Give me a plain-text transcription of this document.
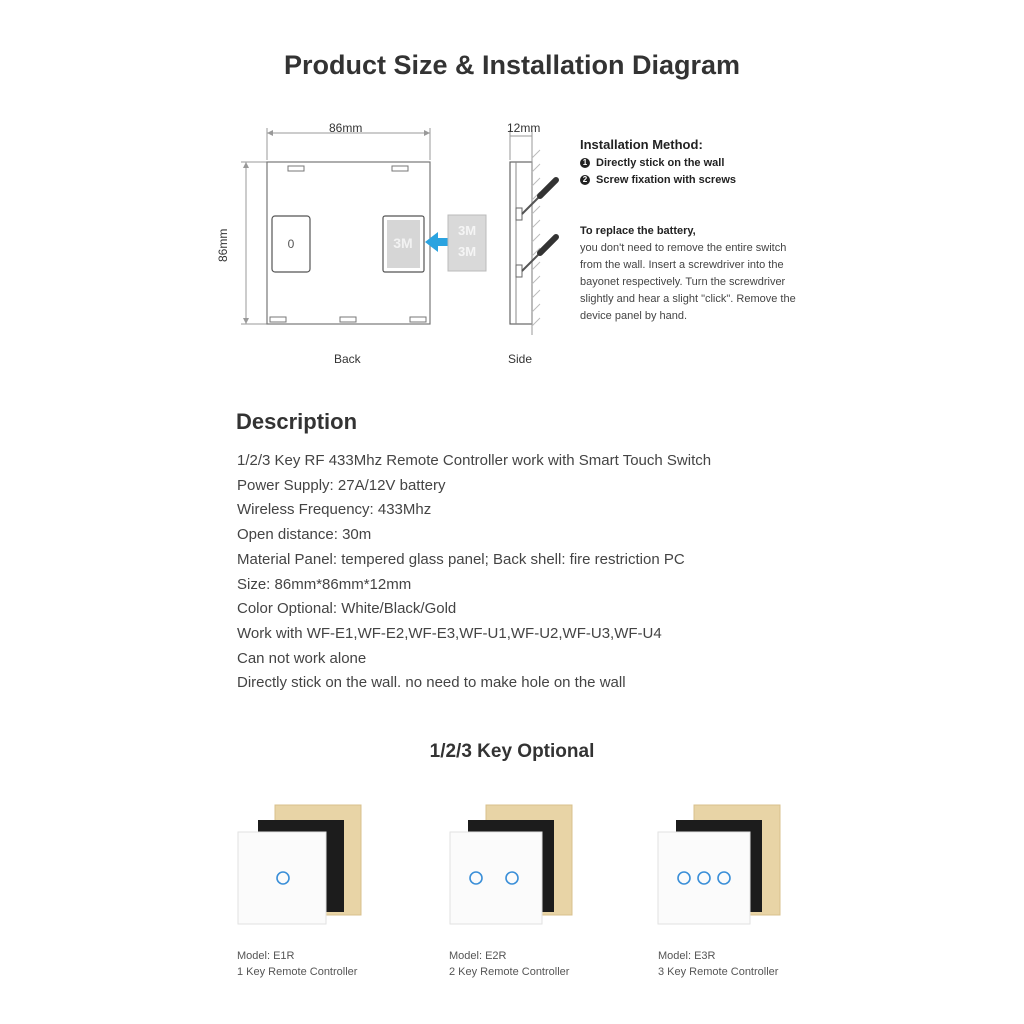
Product Size & Installation Diagram
0	3M
3M
3M
86mm	12mm
86mm
Back	Side
Installation Method:
1 Directly stick on the wall
2 Screw fixation with screws
To replace the battery,
you don't need to remove the entire switch from the wall. Insert a screwdriver into the bayonet respectively. Turn the screwdriver slightly and hear a slight "click". Remove the device panel by hand.
Description
1/2/3 Key RF 433Mhz Remote Controller work with Smart Touch Switch
Power Supply: 27A/12V battery
Wireless Frequency: 433Mhz
Open distance: 30m
Material Panel: tempered glass panel; Back shell: fire restriction PC
Size: 86mm*86mm*12mm
Color Optional: White/Black/Gold
Work with WF-E1,WF-E2,WF-E3,WF-U1,WF-U2,WF-U3,WF-U4
Can not work alone
Directly stick on the wall. no need to make hole on the wall
1/2/3 Key Optional
Model: E1R
1 Key Remote Controller
Model: E2R
2 Key Remote Controller
Model: E3R
3 Key Remote Controller
